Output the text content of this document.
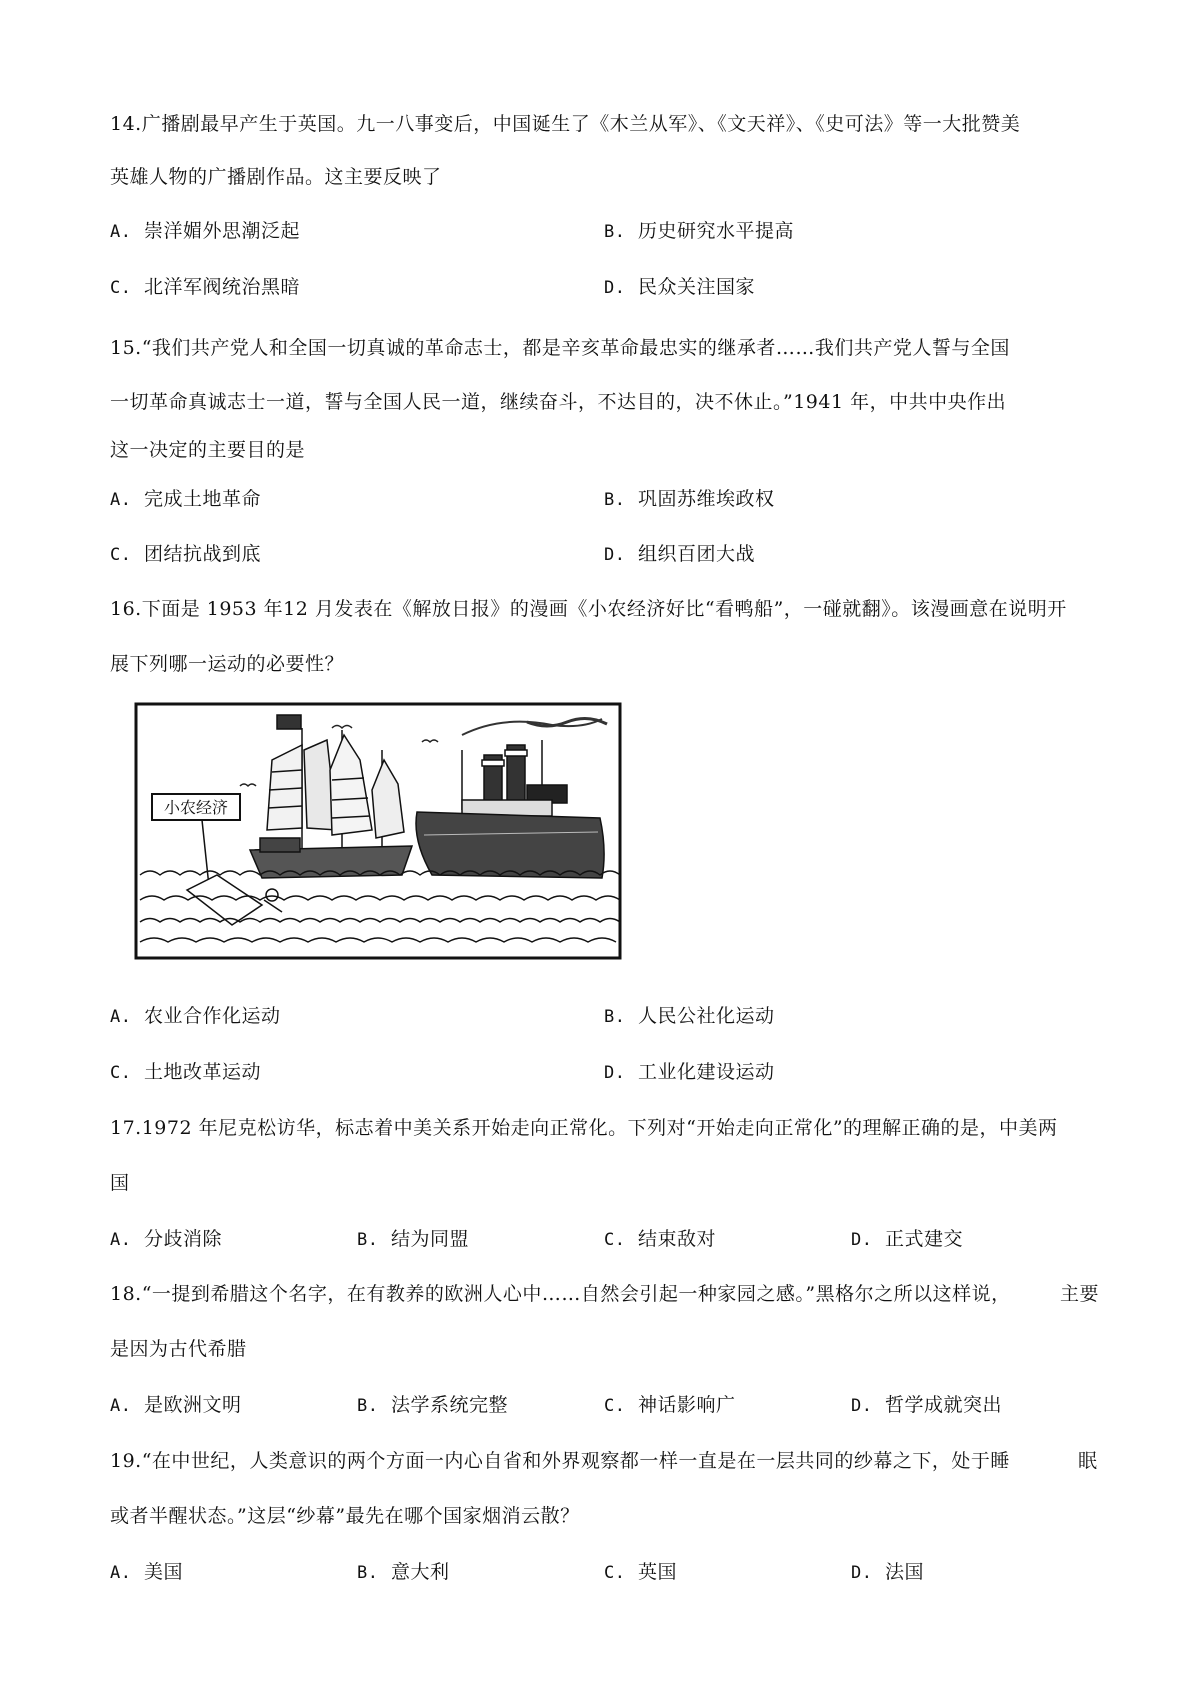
14.广播剧最早产生于英国。九一八事变后，中国诞生了《木兰从军》、《文天祥》、《史可法》等一大批赞美
英雄人物的广播剧作品。这主要反映了
A. 崇洋媚外思潮泛起	B. 历史研究水平提高
C. 北洋军阀统治黑暗	D. 民众关注国家
15.“我们共产党人和全国一切真诚的革命志士，都是辛亥革命最忠实的继承者……我们共产党人誓与全国
一切革命真诚志士一道，誓与全国人民一道，继续奋斗，不达目的，决不休止。”1941 年，中共中央作出
这一决定的主要目的是
A. 完成土地革命	B. 巩固苏维埃政权
C. 团结抗战到底	D. 组织百团大战
16.下面是 1953 年12 月发表在《解放日报》的漫画《小农经济好比“看鸭船”，一碰就翻》。该漫画意在说明开
展下列哪一运动的必要性？
小农经济
A. 农业合作化运动	B. 人民公社化运动
C. 土地改革运动	D. 工业化建设运动
17.1972 年尼克松访华，标志着中美关系开始走向正常化。下列对“开始走向正常化”的理解正确的是，中美两
国
A. 分歧消除	B. 结为同盟	C. 结束敌对	D. 正式建交
18.“一提到希腊这个名字，在有教养的欧洲人心中……自然会引起一种家园之感。”黑格尔之所以这样说，	主要
是因为古代希腊
A. 是欧洲文明	B. 法学系统完整	C. 神话影响广	D. 哲学成就突出
19.“在中世纪，人类意识的两个方面一内心自省和外界观察都一样一直是在一层共同的纱幕之下，处于睡	眠
或者半醒状态。”这层“纱幕”最先在哪个国家烟消云散？
A. 美国	B. 意大利	C. 英国	D. 法国
